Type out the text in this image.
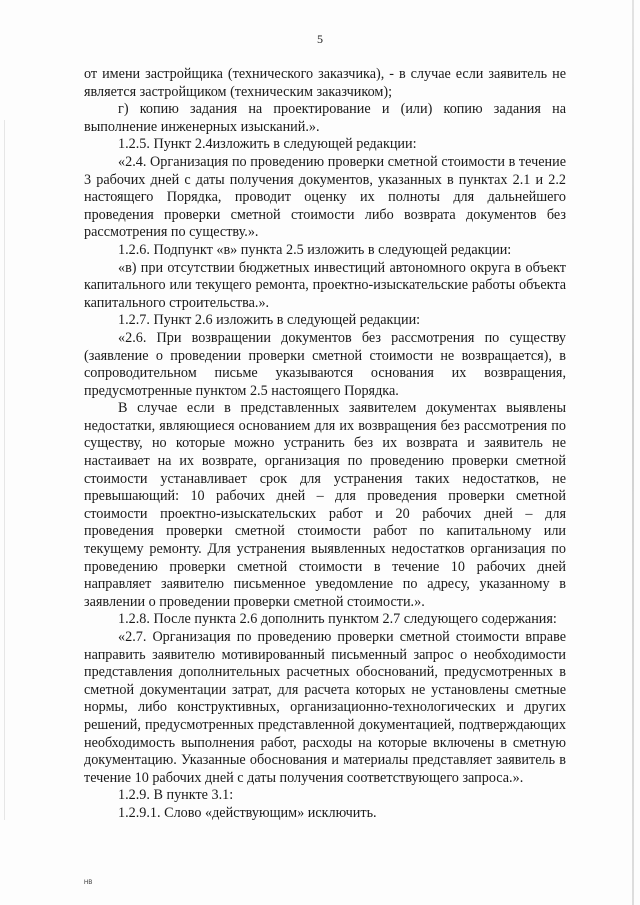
5

от имени застройщика (технического заказчика), - в случае если заявитель не является застройщиком (техническим заказчиком);

г) копию задания на проектирование и (или) копию задания на выполнение инженерных изысканий.».

1.2.5. Пункт 2.4изложить в следующей редакции:

«2.4. Организация по проведению проверки сметной стоимости в течение 3 рабочих дней с даты получения документов, указанных в пунктах 2.1 и 2.2 настоящего Порядка, проводит оценку их полноты для дальнейшего проведения проверки сметной стоимости либо возврата документов без рассмотрения по существу.».

1.2.6. Подпункт «в» пункта 2.5 изложить в следующей редакции:

«в) при отсутствии бюджетных инвестиций автономного округа в объект капитального или текущего ремонта, проектно-изыскательские работы объекта капитального строительства.».

1.2.7. Пункт 2.6 изложить в следующей редакции:

«2.6. При возвращении документов без рассмотрения по существу (заявление о проведении проверки сметной стоимости не возвращается), в сопроводительном письме указываются основания их возвращения, предусмотренные пунктом 2.5 настоящего Порядка.

В случае если в представленных заявителем документах выявлены недостатки, являющиеся основанием для их возвращения без рассмотрения по существу, но которые можно устранить без их возврата и заявитель не настаивает на их возврате, организация по проведению проверки сметной стоимости устанавливает срок для устранения таких недостатков, не превышающий: 10 рабочих дней – для проведения проверки сметной стоимости проектно-изыскательских работ и 20 рабочих дней – для проведения проверки сметной стоимости работ по капитальному или текущему ремонту. Для устранения выявленных недостатков организация по проведению проверки сметной стоимости в течение 10 рабочих дней направляет заявителю письменное уведомление по адресу, указанному в заявлении о проведении проверки сметной стоимости.».

1.2.8. После пункта 2.6 дополнить пунктом 2.7 следующего содержания:

«2.7. Организация по проведению проверки сметной стоимости вправе направить заявителю мотивированный письменный запрос о необходимости представления дополнительных расчетных обоснований, предусмотренных в сметной документации затрат, для расчета которых не установлены сметные нормы, либо конструктивных, организационно-технологических и других решений, предусмотренных представленной документацией, подтверждающих необходимость выполнения работ, расходы на которые включены в сметную документацию. Указанные обоснования и материалы представляет заявитель в течение 10 рабочих дней с даты получения соответствующего запроса.».

1.2.9. В пункте 3.1:

1.2.9.1. Слово «действующим» исключить.

HB
